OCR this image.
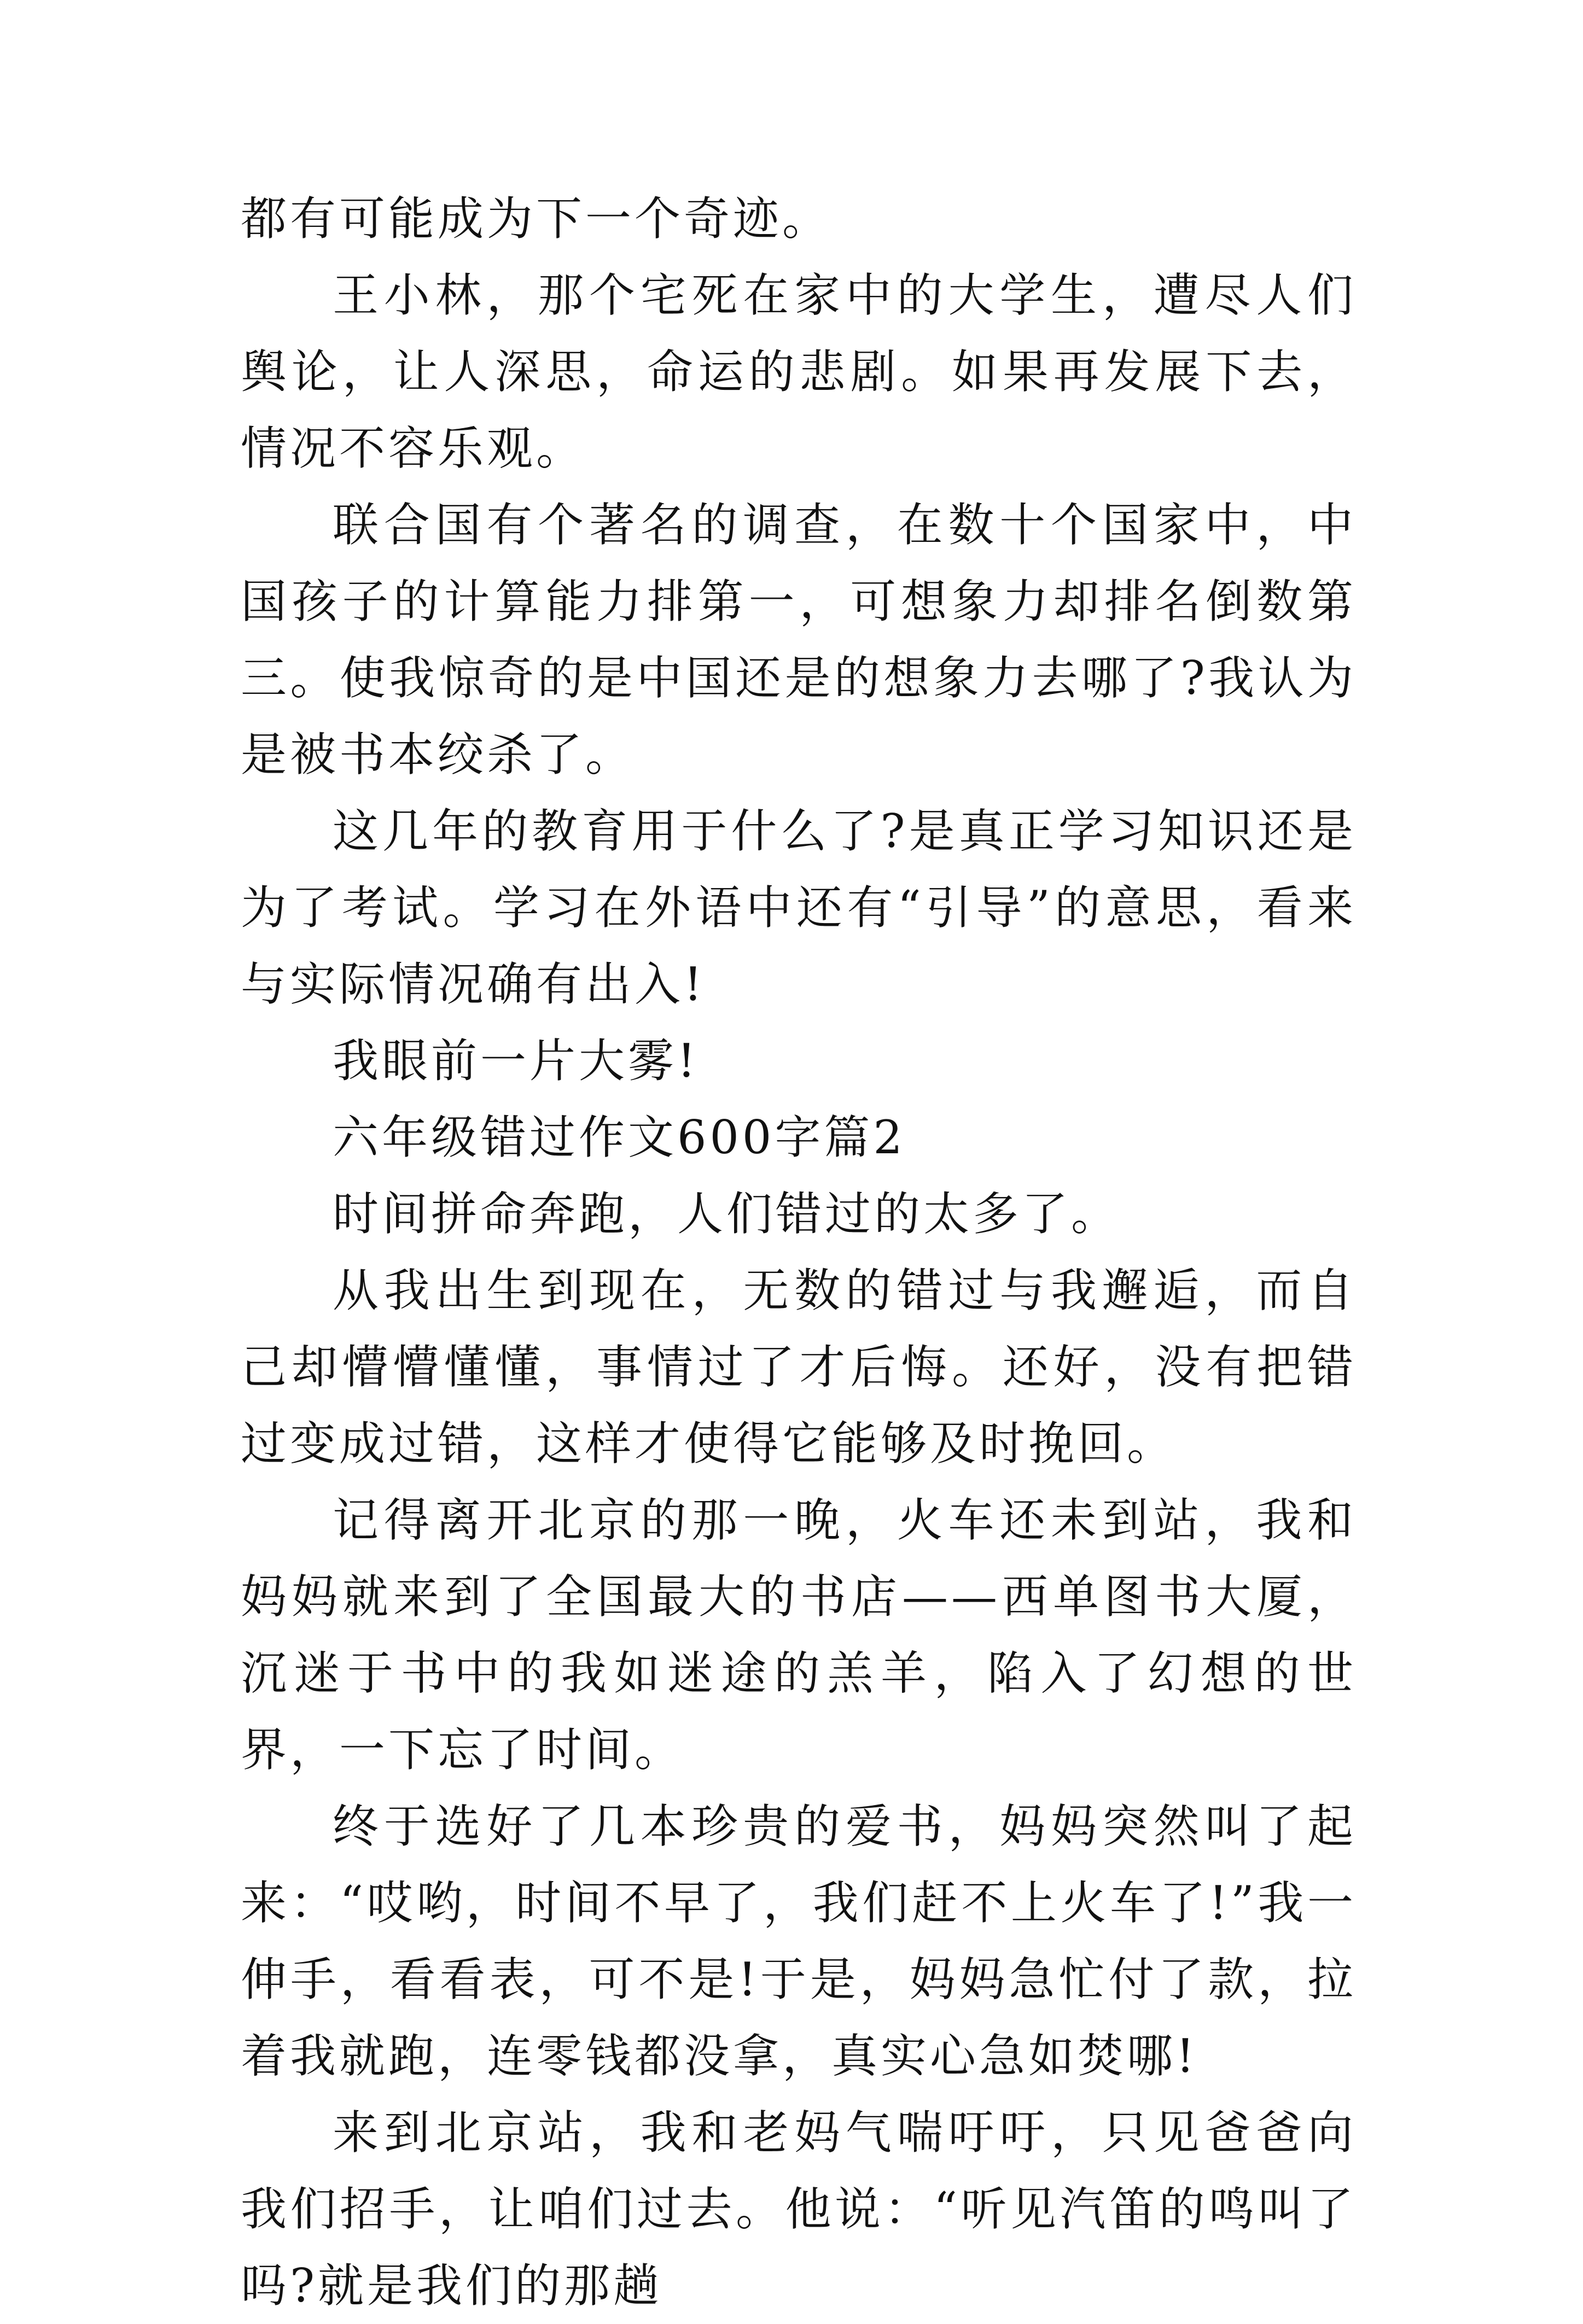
都有可能成为下一个奇迹。

王小林，那个宅死在家中的大学生，遭尽人们舆论，让人深思，命运的悲剧。如果再发展下去，情况不容乐观。

联合国有个著名的调查，在数十个国家中，中国孩子的计算能力排第一，可想象力却排名倒数第三。使我惊奇的是中国还是的想象力去哪了?我认为是被书本绞杀了。

这几年的教育用于什么了?是真正学习知识还是为了考试。学习在外语中还有“引导”的意思，看来与实际情况确有出入!

我眼前一片大雾!

六年级错过作文600字篇2

时间拼命奔跑，人们错过的太多了。

从我出生到现在，无数的错过与我邂逅，而自己却懵懵懂懂，事情过了才后悔。还好，没有把错过变成过错，这样才使得它能够及时挽回。

记得离开北京的那一晚，火车还未到站，我和妈妈就来到了全国最大的书店——西单图书大厦，沉迷于书中的我如迷途的羔羊，陷入了幻想的世界，一下忘了时间。

终于选好了几本珍贵的爱书，妈妈突然叫了起来：“哎哟，时间不早了，我们赶不上火车了!”我一伸手，看看表，可不是!于是，妈妈急忙付了款，拉着我就跑，连零钱都没拿，真实心急如焚哪!

来到北京站，我和老妈气喘吁吁，只见爸爸向我们招手，让咱们过去。他说：“听见汽笛的鸣叫了吗?就是我们的那趟
